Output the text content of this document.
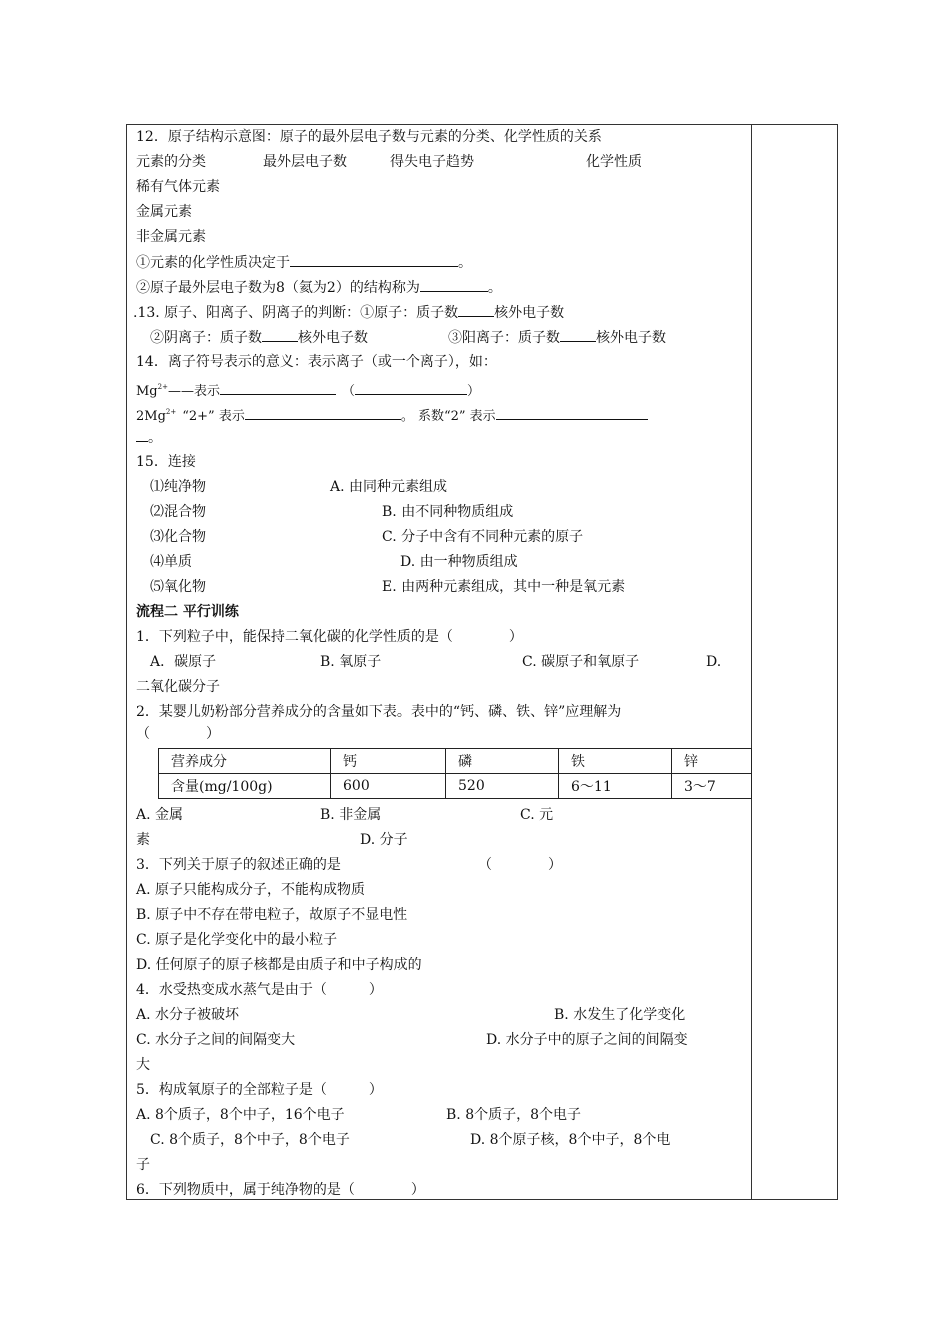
12．原子结构示意图：原子的最外层电子数与元素的分类、化学性质的关系
元素的分类	最外层电子数	得失电子趋势	化学性质
稀有气体元素
金属元素
非金属元素
①元素的化学性质决定于	。
②原子最外层电子数为8（氦为2）的结构称为	。
.13. 原子、阳离子、阴离子的判断：①原子：质子数	核外电子数
②阴离子：质子数	核外电子数	③阳离子：质子数	核外电子数
14．离子符号表示的意义：表示离子（或一个离子），如：
$Mg^{2+}——$表示	（	）
$2Mg^{2+}$ “2+” 表示	。 系数“2” 表示
。
15．连接
⑴纯净物	A. 由同种元素组成
⑵混合物	B. 由不同种物质组成
⑶化合物	C. 分子中含有不同种元素的原子
⑷单质	D. 由一种物质组成
⑸氧化物	E. 由两种元素组成，其中一种是氧元素
流程二 平行训练
1．下列粒子中，能保持二氧化碳的化学性质的是（　　　　）
A．碳原子	B. 氧原子	C. 碳原子和氧原子	D.
二氧化碳分子
2．某婴儿奶粉部分营养成分的含量如下表。表中的“钙、磷、铁、锌”应理解为
（　　　　）
营养成分	钙	磷	铁	锌
含量(mg/100g)	600	520	6～11	3～7
A. 金属	B. 非金属	C. 元
素	D. 分子
3．下列关于原子的叙述正确的是	（　　　　）
A. 原子只能构成分子，不能构成物质
B. 原子中不存在带电粒子，故原子不显电性
C. 原子是化学变化中的最小粒子
D. 任何原子的原子核都是由质子和中子构成的
4．水受热变成水蒸气是由于（　　　）
A. 水分子被破坏	B. 水发生了化学变化
C. 水分子之间的间隔变大	D. 水分子中的原子之间的间隔变
大
5．构成氧原子的全部粒子是（　　　）
A. 8个质子，8个中子，16个电子	B. 8个质子，8个电子
C. 8个质子，8个中子，8个电子	D. 8个原子核，8个中子，8个电
子
6．下列物质中，属于纯净物的是（　　　　）
